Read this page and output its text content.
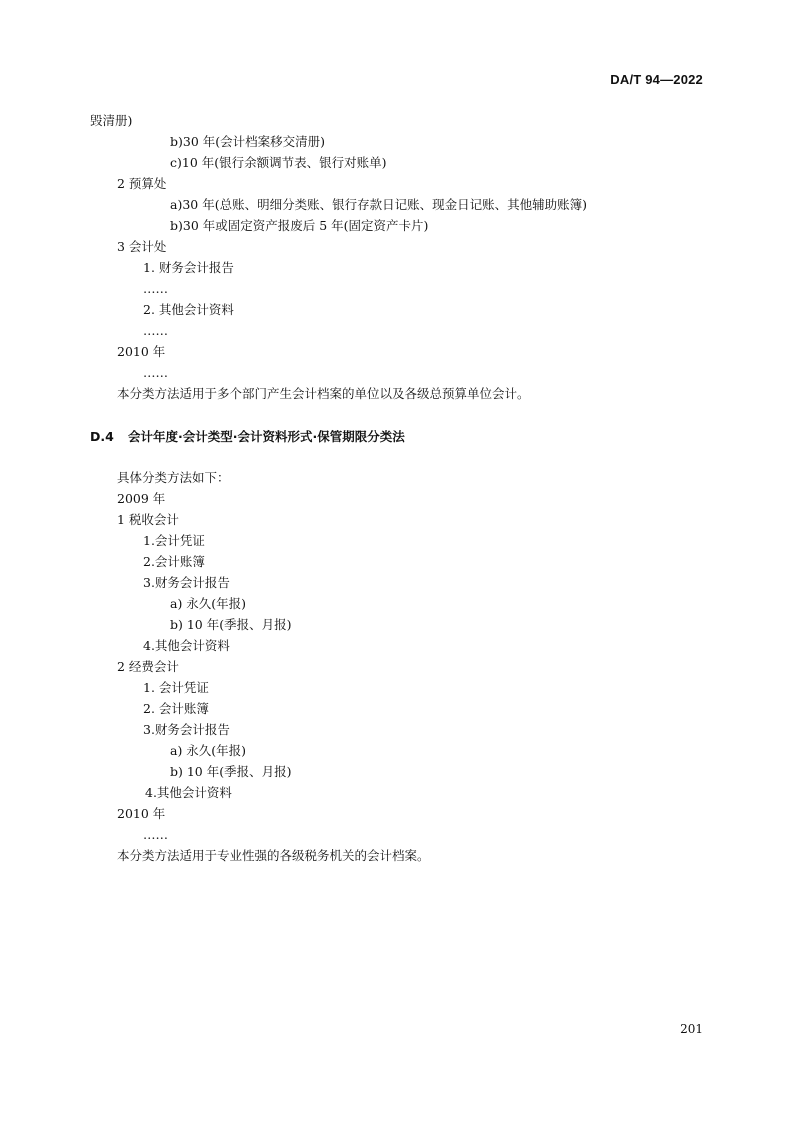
DA/T 94—2022
毁清册)
b)30 年(会计档案移交清册)
c)10 年(银行余额调节表、银行对账单)
2 预算处
a)30 年(总账、明细分类账、银行存款日记账、现金日记账、其他辅助账簿)
b)30 年或固定资产报废后 5 年(固定资产卡片)
3 会计处
1. 财务会计报告
……
2. 其他会计资料
……
2010 年
……
本分类方法适用于多个部门产生会计档案的单位以及各级总预算单位会计。
D.4 会计年度·会计类型·会计资料形式·保管期限分类法
具体分类方法如下：
2009 年
1 税收会计
1.会计凭证
2.会计账簿
3.财务会计报告
a) 永久(年报)
b) 10 年(季报、月报)
4.其他会计资料
2 经费会计
1. 会计凭证
2. 会计账簿
3.财务会计报告
a) 永久(年报)
b) 10 年(季报、月报)
4.其他会计资料
2010 年
……
本分类方法适用于专业性强的各级税务机关的会计档案。
201
